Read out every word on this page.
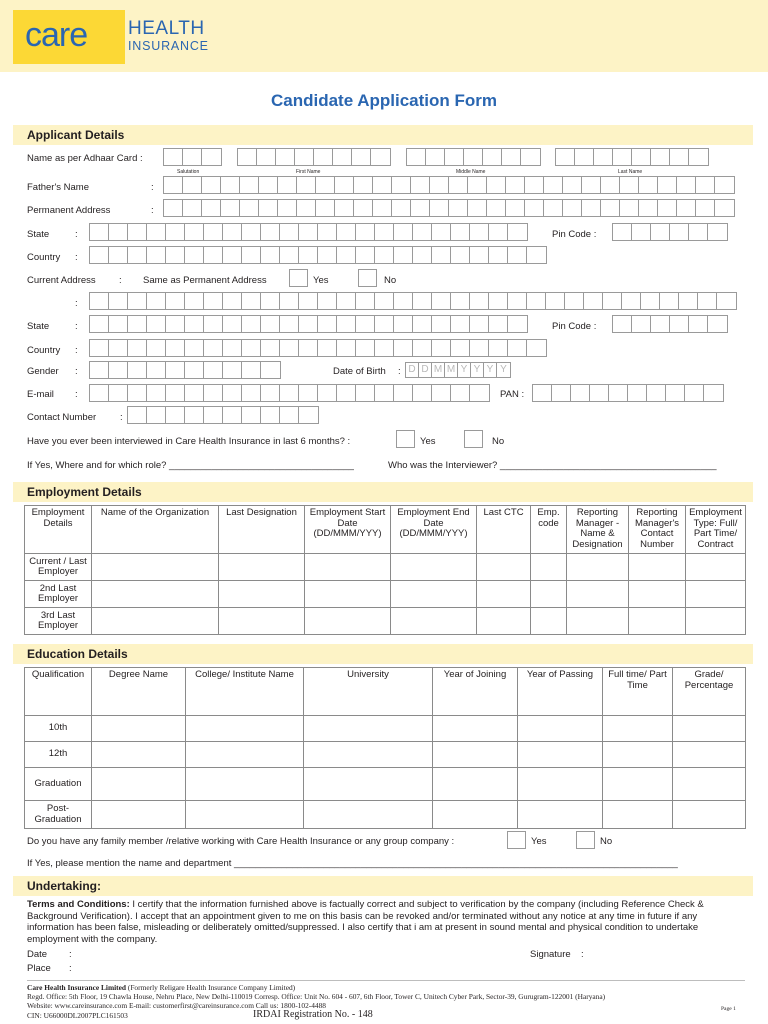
care HEALTH
INSURANCE
Candidate Application Form
Applicant Details
Name as per Adhaar Card :
Salutation	First Name	Middle Name	Last Name
Father's Name	:
Permanent Address	:
State	:	Pin Code :
Country :
Current Address : Same as Permanent Address	Yes	No
:
State	:	Pin Code :
Country :
Gender :	Date of Birth : D D M M Y Y Y Y
E-mail :	PAN :
Contact Number	:
Have you ever been interviewed in Care Health Insurance in last 6 months? :	Yes	No
If Yes, Where and for which role? ___________________________________	Who was the Interviewer? _________________________________________
Employment Details
Employment Details	Name of the Organization	Last Designation	Employment Start Date (DD/MMM/YYY)	Employment End Date (DD/MMM/YYY)	Last CTC	Emp. code	Reporting Manager - Name & Designation	Reporting Manager's Contact Number	Employment Type: Full/ Part Time/ Contract
Current / Last Employer									
2nd Last Employer									
3rd Last Employer									
Education Details
Qualification	Degree Name	College/ Institute Name	University	Year of Joining	Year of Passing	Full time/ Part Time	Grade/ Percentage
10th							
12th							
Graduation							
Post- Graduation							
Do you have any family member /relative working with Care Health Insurance or any group company :	Yes	No
If Yes, please mention the name and department ____________________________________________________________________________________
Undertaking:
Terms and Conditions: I certify that the information furnished above is factually correct and subject to verification by the company (including Reference Check & Background Verification). I accept that an appointment given to me on this basis can be revoked and/or terminated without any notice at any time in future if any information has been false, misleading or deliberately omitted/suppressed. I also certify that i am at present in sound mental and physical condition to undertake employment with the company.
Date :	Signature :
Place :
Care Health Insurance Limited (Formerly Religare Health Insurance Company Limited)
Regd. Office: 5th Floor, 19 Chawla House, Nehru Place, New Delhi-110019 Corresp. Office: Unit No. 604 - 607, 6th Floor, Tower C, Unitech Cyber Park, Sector-39, Gurugram-122001 (Haryana)
Website: www.careinsurance.com E-mail: customerfirst@careinsurance.com Call us: 1800-102-4488	Page 1
CIN: U66000DL2007PLC161503	IRDAI Registration No. - 148
